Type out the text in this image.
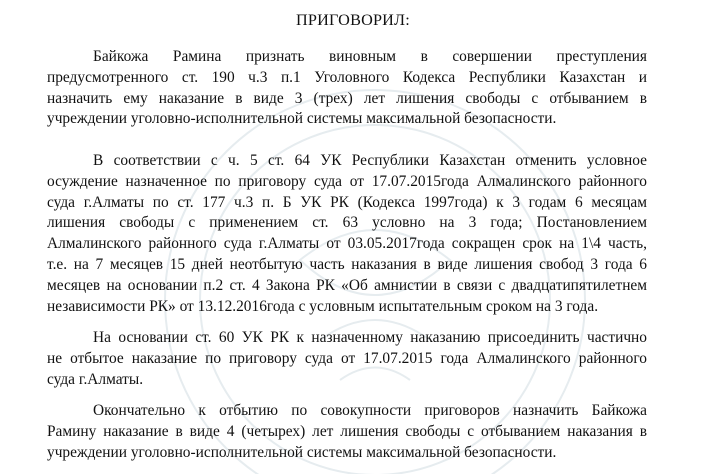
ПРИГОВОРИЛ:

Байкожа Рамина признать виновным в совершении преступления
предусмотренного ст. 190 ч.3 п.1 Уголовного Кодекса Республики Казахстан и
назначить ему наказание в виде 3 (трех) лет лишения свободы с отбыванием в
учреждении уголовно-исполнительной системы максимальной безопасности.

В соответствии с ч. 5 ст. 64 УК Республики Казахстан отменить условное
осуждение назначенное по приговору суда от 17.07.2015года Алмалинского районного
суда г.Алматы по ст. 177 ч.3 п. Б УК РК (Кодекса 1997года) к 3 годам 6 месяцам
лишения свободы с применением ст. 63 условно на 3 года; Постановлением
Алмалинского районного суда г.Алматы от 03.05.2017года сокращен срок на 1\4 часть,
т.е. на 7 месяцев 15 дней неотбытую часть наказания в виде лишения свобод 3 года 6
месяцев на основании п.2 ст. 4 Закона РК «Об амнистии в связи с двадцатипятилетнем
независимости РК» от 13.12.2016года с условным испытательным сроком на 3 года.

На основании ст. 60 УК РК к назначенному наказанию присоединить частично
не отбытое наказание по приговору суда от 17.07.2015 года Алмалинского районного
суда г.Алматы.

Окончательно к отбытию по совокупности приговоров назначить Байкожа
Рамину наказание в виде 4 (четырех) лет лишения свободы с отбыванием наказания в
учреждении уголовно-исполнительной системы максимальной безопасности.
